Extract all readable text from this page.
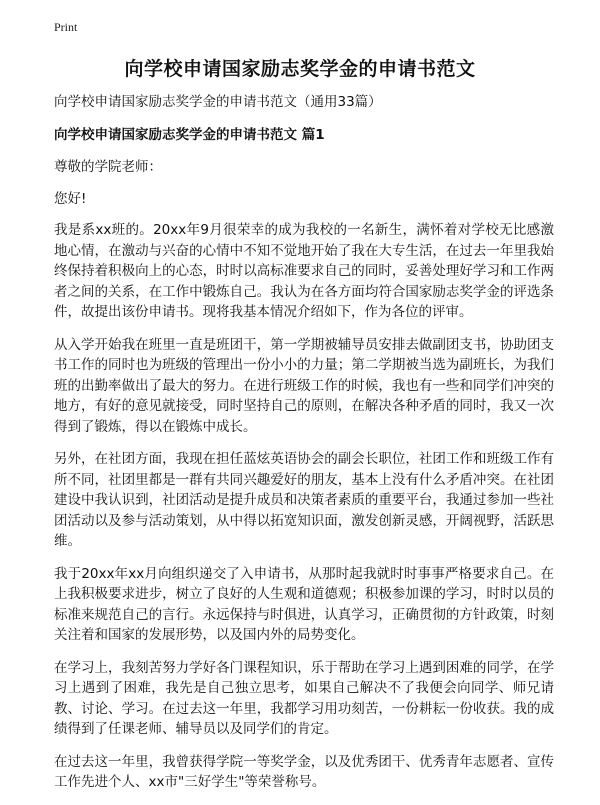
Print
向学校申请国家励志奖学金的申请书范文

向学校申请国家励志奖学金的申请书范文（通用33篇）

向学校申请国家励志奖学金的申请书范文 篇1

尊敬的学院老师：

您好!

我是系xx班的。20xx年9月很荣幸的成为我校的一名新生，满怀着对学校无比感激地心情，在激动与兴奋的心情中不知不觉地开始了我在大专生活，在过去一年里我始终保持着积极向上的心态，时时以高标准要求自己的同时，妥善处理好学习和工作两者之间的关系，在工作中锻炼自己。我认为在各方面均符合国家励志奖学金的评选条件，故提出该份申请书。现将我基本情况介绍如下，作为各位的评审。

从入学开始我在班里一直是班团干，第一学期被辅导员安排去做副团支书，协助团支书工作的同时也为班级的管理出一份小小的力量；第二学期被当选为副班长，为我们班的出勤率做出了最大的努力。在进行班级工作的时候，我也有一些和同学们冲突的地方，有好的意见就接受，同时坚持自己的原则，在解决各种矛盾的同时，我又一次得到了锻炼，得以在锻炼中成长。

另外，在社团方面，我现在担任蓝炫英语协会的副会长职位，社团工作和班级工作有所不同，社团里都是一群有共同兴趣爱好的朋友，基本上没有什么矛盾冲突。在社团建设中我认识到，社团活动是提升成员和决策者素质的重要平台，我通过参加一些社团活动以及参与活动策划，从中得以拓宽知识面，激发创新灵感，开阔视野，活跃思维。

我于20xx年xx月向组织递交了入申请书，从那时起我就时时事事严格要求自己。在上我积极要求进步，树立了良好的人生观和道德观；积极参加课的学习，时时以员的标准来规范自己的言行。永远保持与时俱进，认真学习，正确贯彻的方针政策，时刻关注着和国家的发展形势，以及国内外的局势变化。

在学习上，我刻苦努力学好各门课程知识，乐于帮助在学习上遇到困难的同学，在学习上遇到了困难，我先是自己独立思考，如果自己解决不了我便会向同学、师兄请教、讨论、学习。在过去这一年里，我都学习用功刻苦，一份耕耘一份收获。我的成绩得到了任课老师、辅导员以及同学们的肯定。

在过去这一年里，我曾获得学院一等奖学金，以及优秀团干、优秀青年志愿者、宣传工作先进个人、xx市"三好学生"等荣誉称号。
